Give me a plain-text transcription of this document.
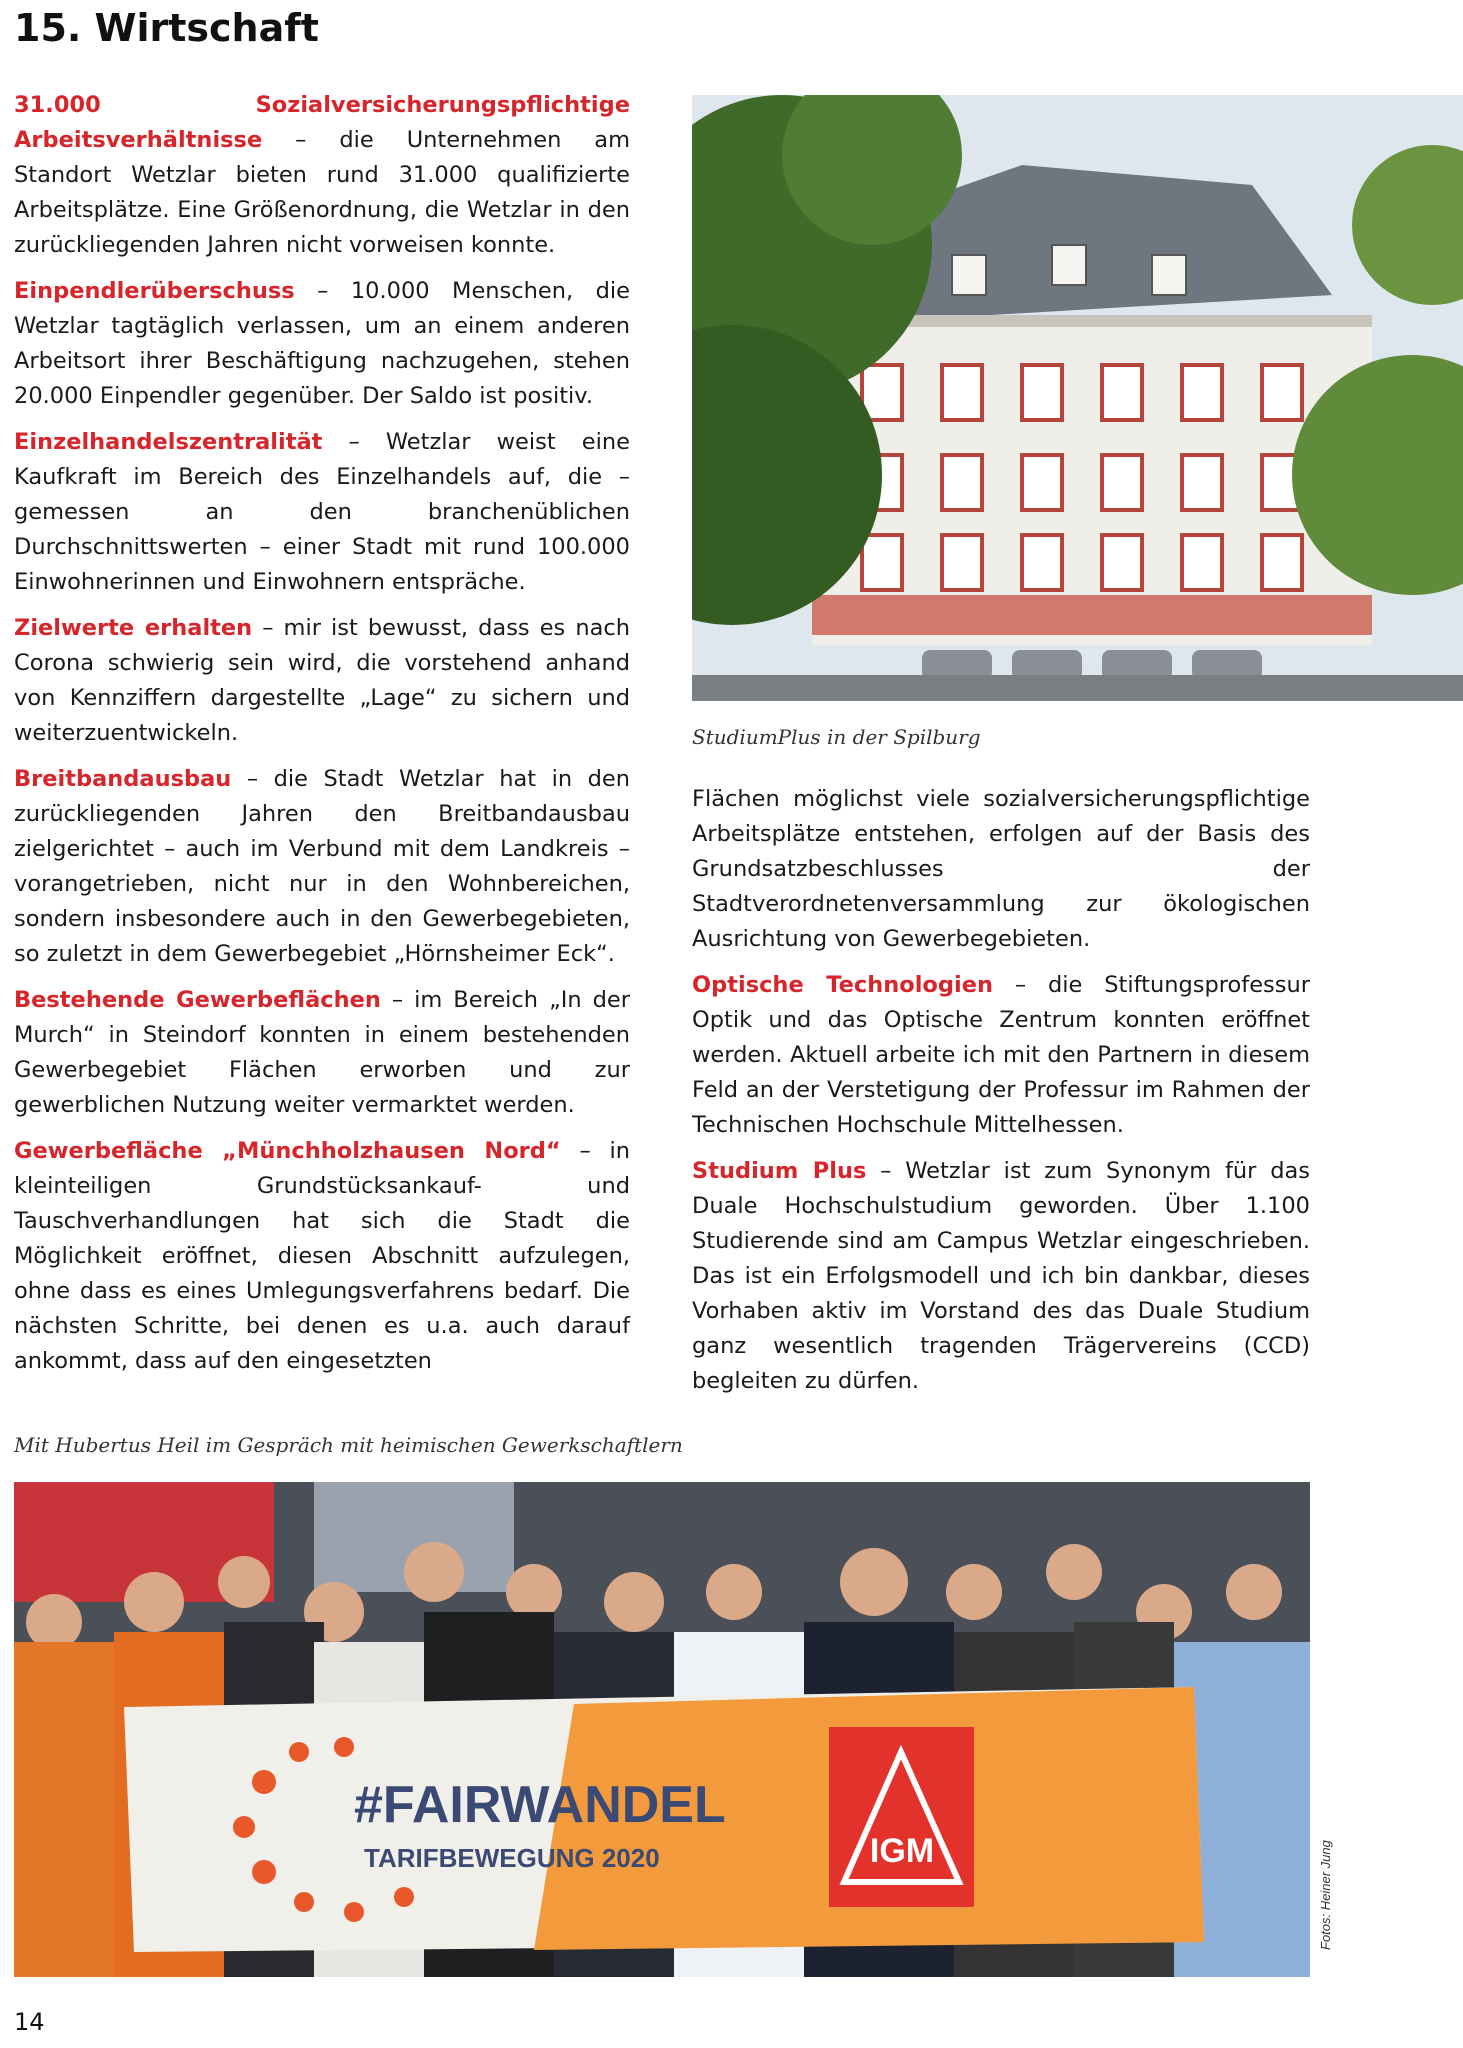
15. Wirtschaft

31.000 Sozialversicherungspflichtige Arbeitsverhältnisse – die Unternehmen am Standort Wetzlar bieten rund 31.000 qualifizierte Arbeitsplätze. Eine Größenordnung, die Wetzlar in den zurückliegenden Jahren nicht vorweisen konnte.

Einpendlerüberschuss – 10.000 Menschen, die Wetzlar tagtäglich verlassen, um an einem anderen Arbeitsort ihrer Beschäftigung nachzugehen, stehen 20.000 Einpendler gegenüber. Der Saldo ist positiv.

Einzelhandelszentralität – Wetzlar weist eine Kaufkraft im Bereich des Einzelhandels auf, die – gemessen an den branchenüblichen Durchschnittswerten – einer Stadt mit rund 100.000 Einwohnerinnen und Einwohnern entspräche.

Zielwerte erhalten – mir ist bewusst, dass es nach Corona schwierig sein wird, die vorstehend anhand von Kennziffern dargestellte „Lage“ zu sichern und weiterzuentwickeln.

Breitbandausbau – die Stadt Wetzlar hat in den zurückliegenden Jahren den Breitbandausbau zielgerichtet – auch im Verbund mit dem Landkreis – vorangetrieben, nicht nur in den Wohnbereichen, sondern insbesondere auch in den Gewerbegebieten, so zuletzt in dem Gewerbegebiet „Hörnsheimer Eck“.

Bestehende Gewerbeflächen – im Bereich „In der Murch“ in Steindorf konnten in einem bestehenden Gewerbegebiet Flächen erworben und zur gewerblichen Nutzung weiter vermarktet werden.

Gewerbefläche „Münchholzhausen Nord“ – in kleinteiligen Grundstücksankauf- und Tauschverhandlungen hat sich die Stadt die Möglichkeit eröffnet, diesen Abschnitt aufzulegen, ohne dass es eines Umlegungsverfahrens bedarf. Die nächsten Schritte, bei denen es u.a. auch darauf ankommt, dass auf den eingesetzten

StudiumPlus in der Spilburg

Flächen möglichst viele sozialversicherungspflichtige Arbeitsplätze entstehen, erfolgen auf der Basis des Grundsatzbeschlusses der Stadtverordnetenversammlung zur ökologischen Ausrichtung von Gewerbegebieten.

Optische Technologien – die Stiftungsprofessur Optik und das Optische Zentrum konnten eröffnet werden. Aktuell arbeite ich mit den Partnern in diesem Feld an der Verstetigung der Professur im Rahmen der Technischen Hochschule Mittelhessen.

Studium Plus – Wetzlar ist zum Synonym für das Duale Hochschulstudium geworden. Über 1.100 Studierende sind am Campus Wetzlar eingeschrieben. Das ist ein Erfolgsmodell und ich bin dankbar, dieses Vorhaben aktiv im Vorstand des das Duale Studium ganz wesentlich tragenden Trägervereins (CCD) begleiten zu dürfen.

Mit Hubertus Heil im Gespräch mit heimischen Gewerkschaftlern

#FAIRWANDEL
TARIFBEWEGUNG 2020	IGM	Fotos: Heiner Jung
14
